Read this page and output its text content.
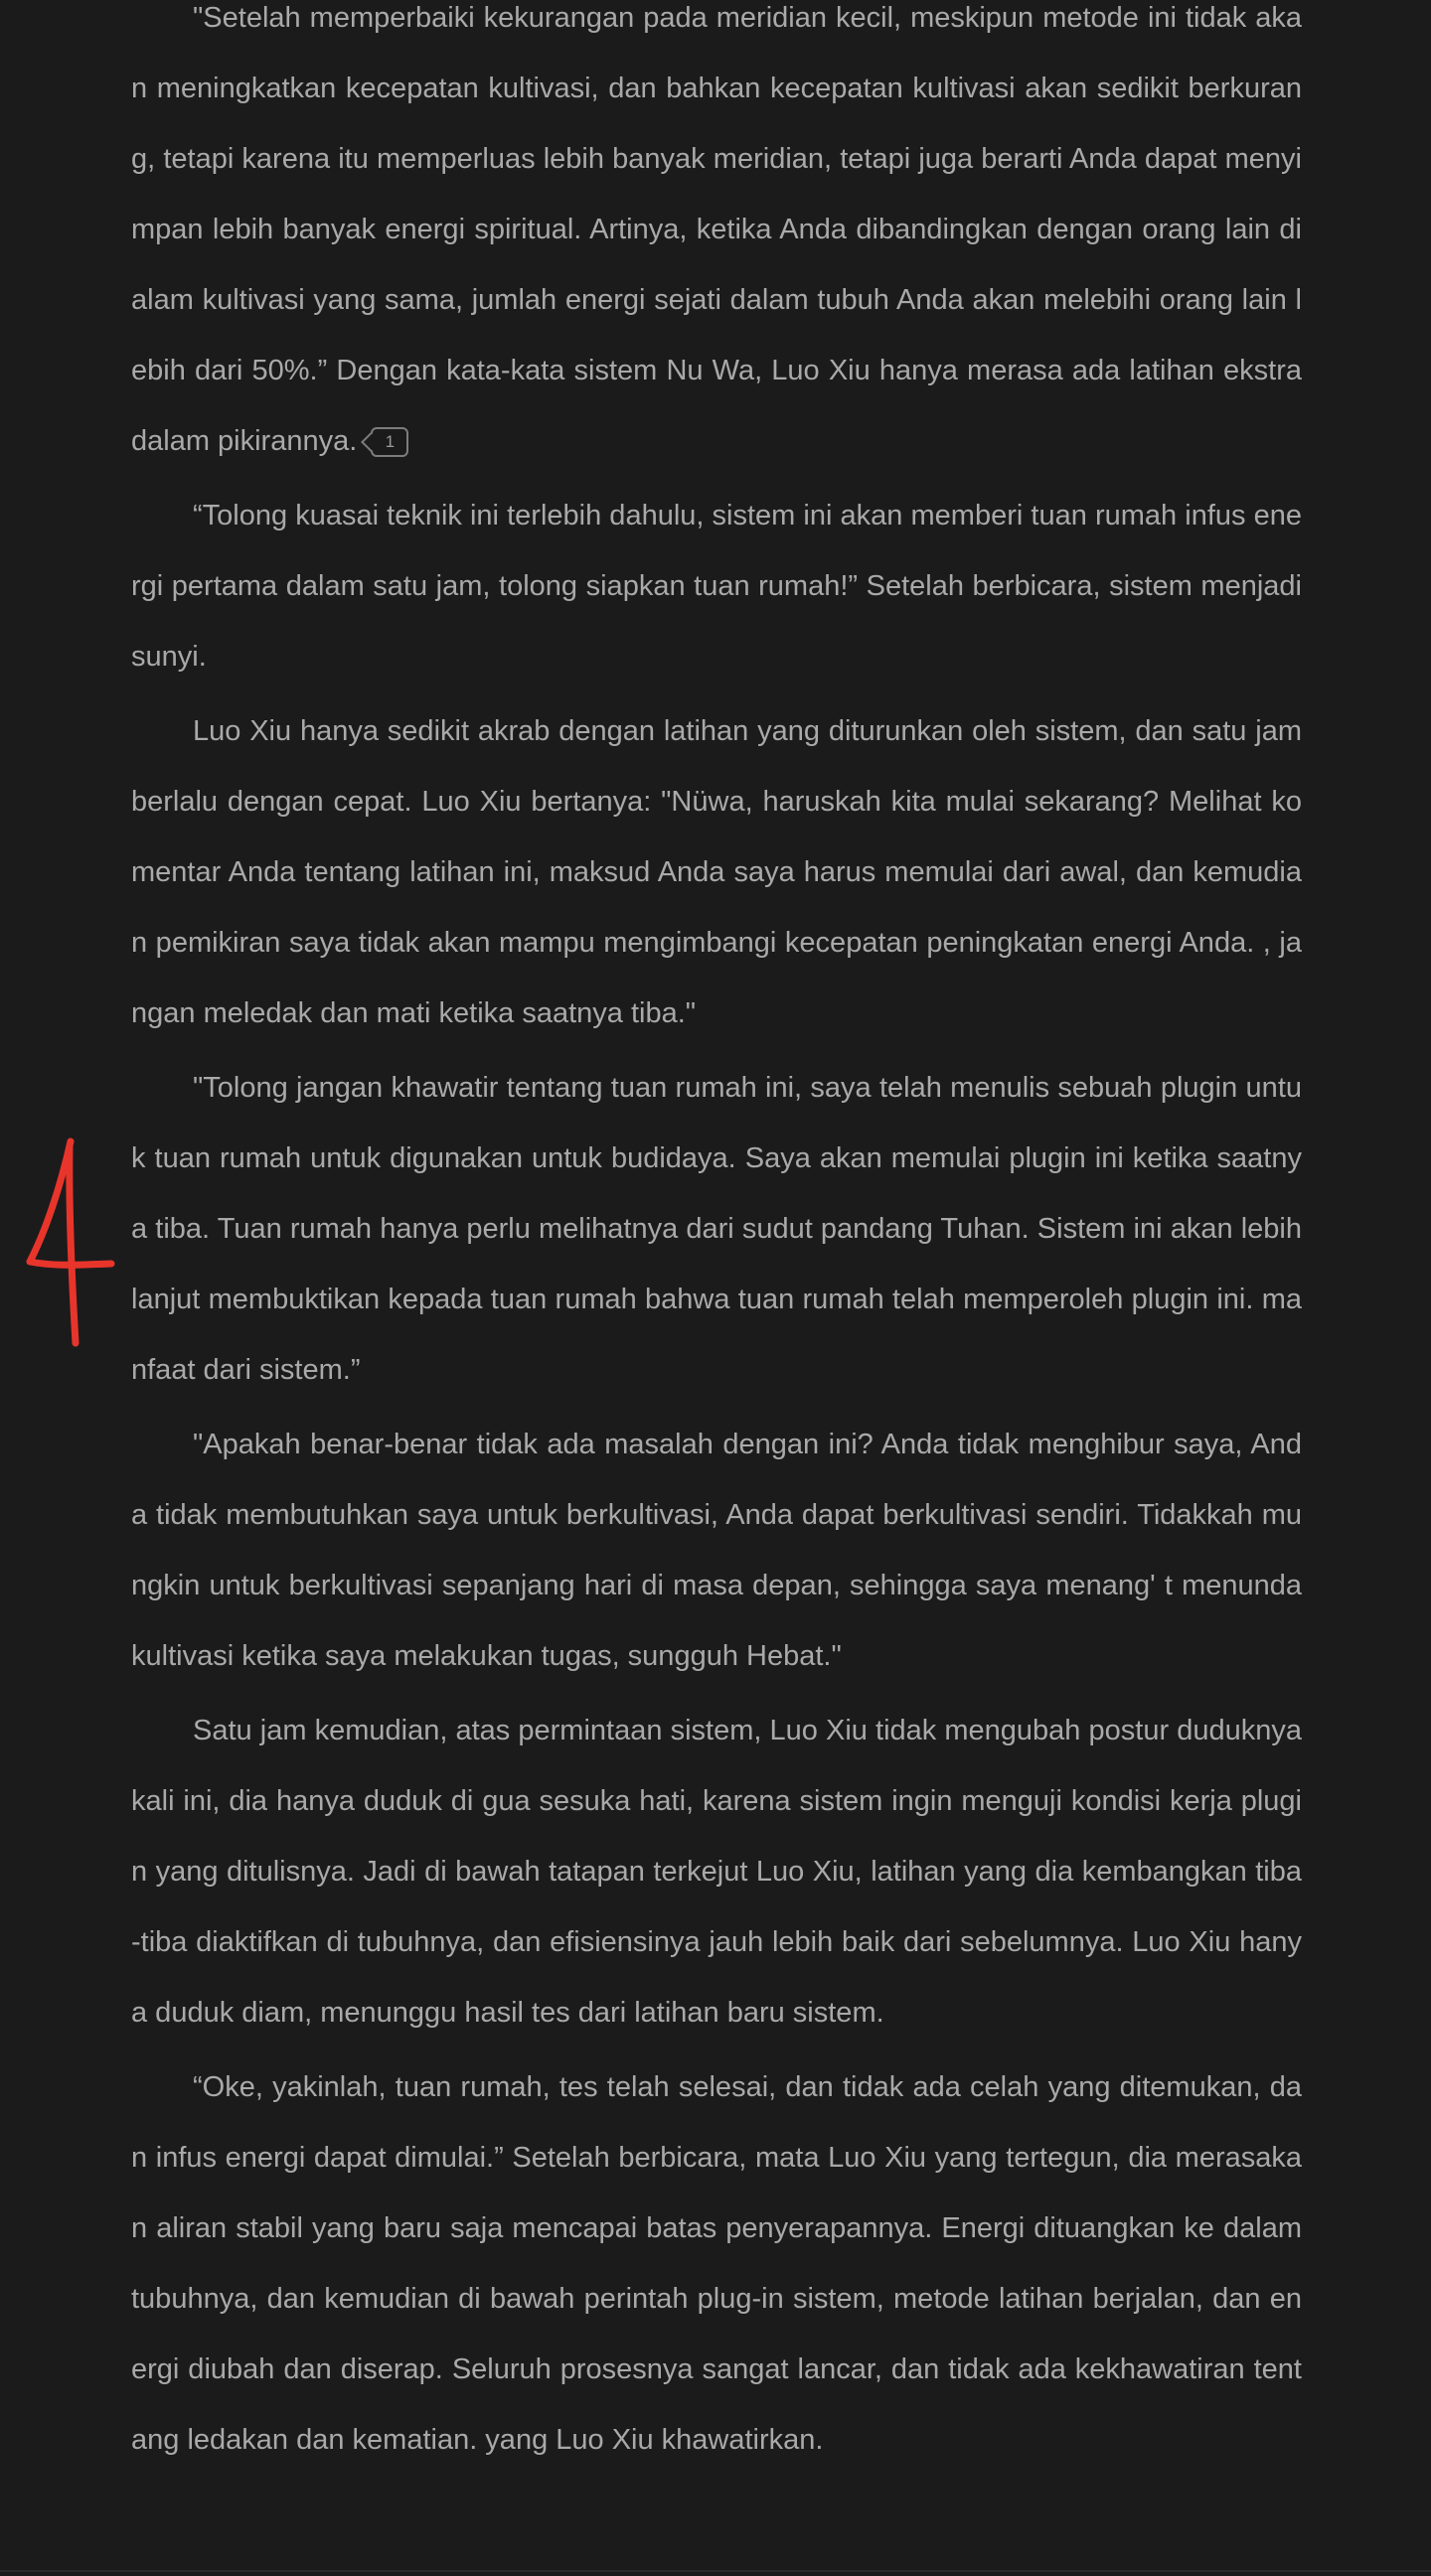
"Setelah memperbaiki kekurangan pada meridian kecil, meskipun metode ini tidak akan meningkatkan kecepatan kultivasi, dan bahkan kecepatan kultivasi akan sedikit berkurang, tetapi karena itu memperluas lebih banyak meridian, tetapi juga berarti Anda dapat menyimpan lebih banyak energi spiritual. Artinya, ketika Anda dibandingkan dengan orang lain di alam kultivasi yang sama, jumlah energi sejati dalam tubuh Anda akan melebihi orang lain lebih dari 50%.” Dengan kata-kata sistem Nu Wa, Luo Xiu hanya merasa ada latihan ekstra dalam pikirannya. 1

“Tolong kuasai teknik ini terlebih dahulu, sistem ini akan memberi tuan rumah infus energi pertama dalam satu jam, tolong siapkan tuan rumah!” Setelah berbicara, sistem menjadi sunyi.

Luo Xiu hanya sedikit akrab dengan latihan yang diturunkan oleh sistem, dan satu jam berlalu dengan cepat. Luo Xiu bertanya: "Nüwa, haruskah kita mulai sekarang? Melihat komentar Anda tentang latihan ini, maksud Anda saya harus memulai dari awal, dan kemudian pemikiran saya tidak akan mampu mengimbangi kecepatan peningkatan energi Anda. , jangan meledak dan mati ketika saatnya tiba."

"Tolong jangan khawatir tentang tuan rumah ini, saya telah menulis sebuah plugin untuk tuan rumah untuk digunakan untuk budidaya. Saya akan memulai plugin ini ketika saatnya tiba. Tuan rumah hanya perlu melihatnya dari sudut pandang Tuhan. Sistem ini akan lebih lanjut membuktikan kepada tuan rumah bahwa tuan rumah telah memperoleh plugin ini. manfaat dari sistem.”

"Apakah benar-benar tidak ada masalah dengan ini? Anda tidak menghibur saya, Anda tidak membutuhkan saya untuk berkultivasi, Anda dapat berkultivasi sendiri. Tidakkah mungkin untuk berkultivasi sepanjang hari di masa depan, sehingga saya menang' t menunda kultivasi ketika saya melakukan tugas, sungguh Hebat."

Satu jam kemudian, atas permintaan sistem, Luo Xiu tidak mengubah postur duduknya kali ini, dia hanya duduk di gua sesuka hati, karena sistem ingin menguji kondisi kerja plugin yang ditulisnya. Jadi di bawah tatapan terkejut Luo Xiu, latihan yang dia kembangkan tiba-tiba diaktifkan di tubuhnya, dan efisiensinya jauh lebih baik dari sebelumnya. Luo Xiu hanya duduk diam, menunggu hasil tes dari latihan baru sistem.

“Oke, yakinlah, tuan rumah, tes telah selesai, dan tidak ada celah yang ditemukan, dan infus energi dapat dimulai.” Setelah berbicara, mata Luo Xiu yang tertegun, dia merasakan aliran stabil yang baru saja mencapai batas penyerapannya. Energi dituangkan ke dalam tubuhnya, dan kemudian di bawah perintah plug-in sistem, metode latihan berjalan, dan energi diubah dan diserap. Seluruh prosesnya sangat lancar, dan tidak ada kekhawatiran tentang ledakan dan kematian. yang Luo Xiu khawatirkan.
